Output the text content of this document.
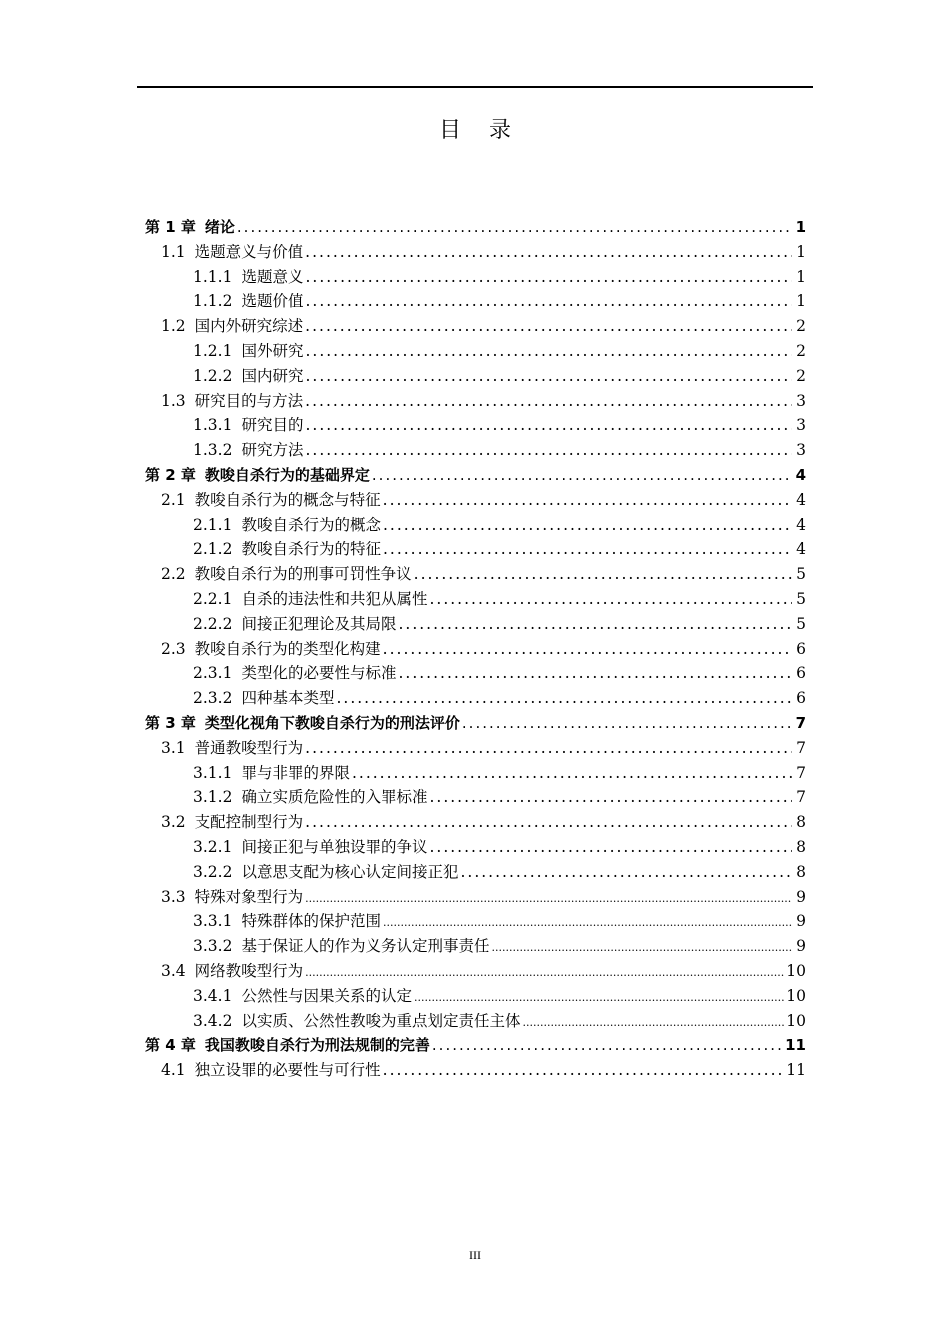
目 录
第 1 章 绪论 .....	1
1.1 选题意义与价值 .....	1
1.1.1 选题意义 .....	1
1.1.2 选题价值 .....	1
1.2 国内外研究综述 .....	2
1.2.1 国外研究 .....	2
1.2.2 国内研究 .....	2
1.3 研究目的与方法 .....	3
1.3.1 研究目的 .....	3
1.3.2 研究方法 .....	3
第 2 章 教唆自杀行为的基础界定 .....	4
2.1 教唆自杀行为的概念与特征 .....	4
2.1.1 教唆自杀行为的概念 .....	4
2.1.2 教唆自杀行为的特征 .....	4
2.2 教唆自杀行为的刑事可罚性争议 .....	5
2.2.1 自杀的违法性和共犯从属性 .....	5
2.2.2 间接正犯理论及其局限 .....	5
2.3 教唆自杀行为的类型化构建 .....	6
2.3.1 类型化的必要性与标准 .....	6
2.3.2 四种基本类型 .....	6
第 3 章 类型化视角下教唆自杀行为的刑法评价 .....	7
3.1 普通教唆型行为 .....	7
3.1.1 罪与非罪的界限 .....	7
3.1.2 确立实质危险性的入罪标准 .....	7
3.2 支配控制型行为 .....	8
3.2.1 间接正犯与单独设罪的争议 .....	8
3.2.2 以意思支配为核心认定间接正犯 .....	8
3.3 特殊对象型行为 .....	9
3.3.1 特殊群体的保护范围 .....	9
3.3.2 基于保证人的作为义务认定刑事责任 .....	9
3.4 网络教唆型行为 .....	10
3.4.1 公然性与因果关系的认定 .....	10
3.4.2 以实质、公然性教唆为重点划定责任主体 .....	10
第 4 章 我国教唆自杀行为刑法规制的完善 .....	11
4.1 独立设罪的必要性与可行性 .....	11
III
